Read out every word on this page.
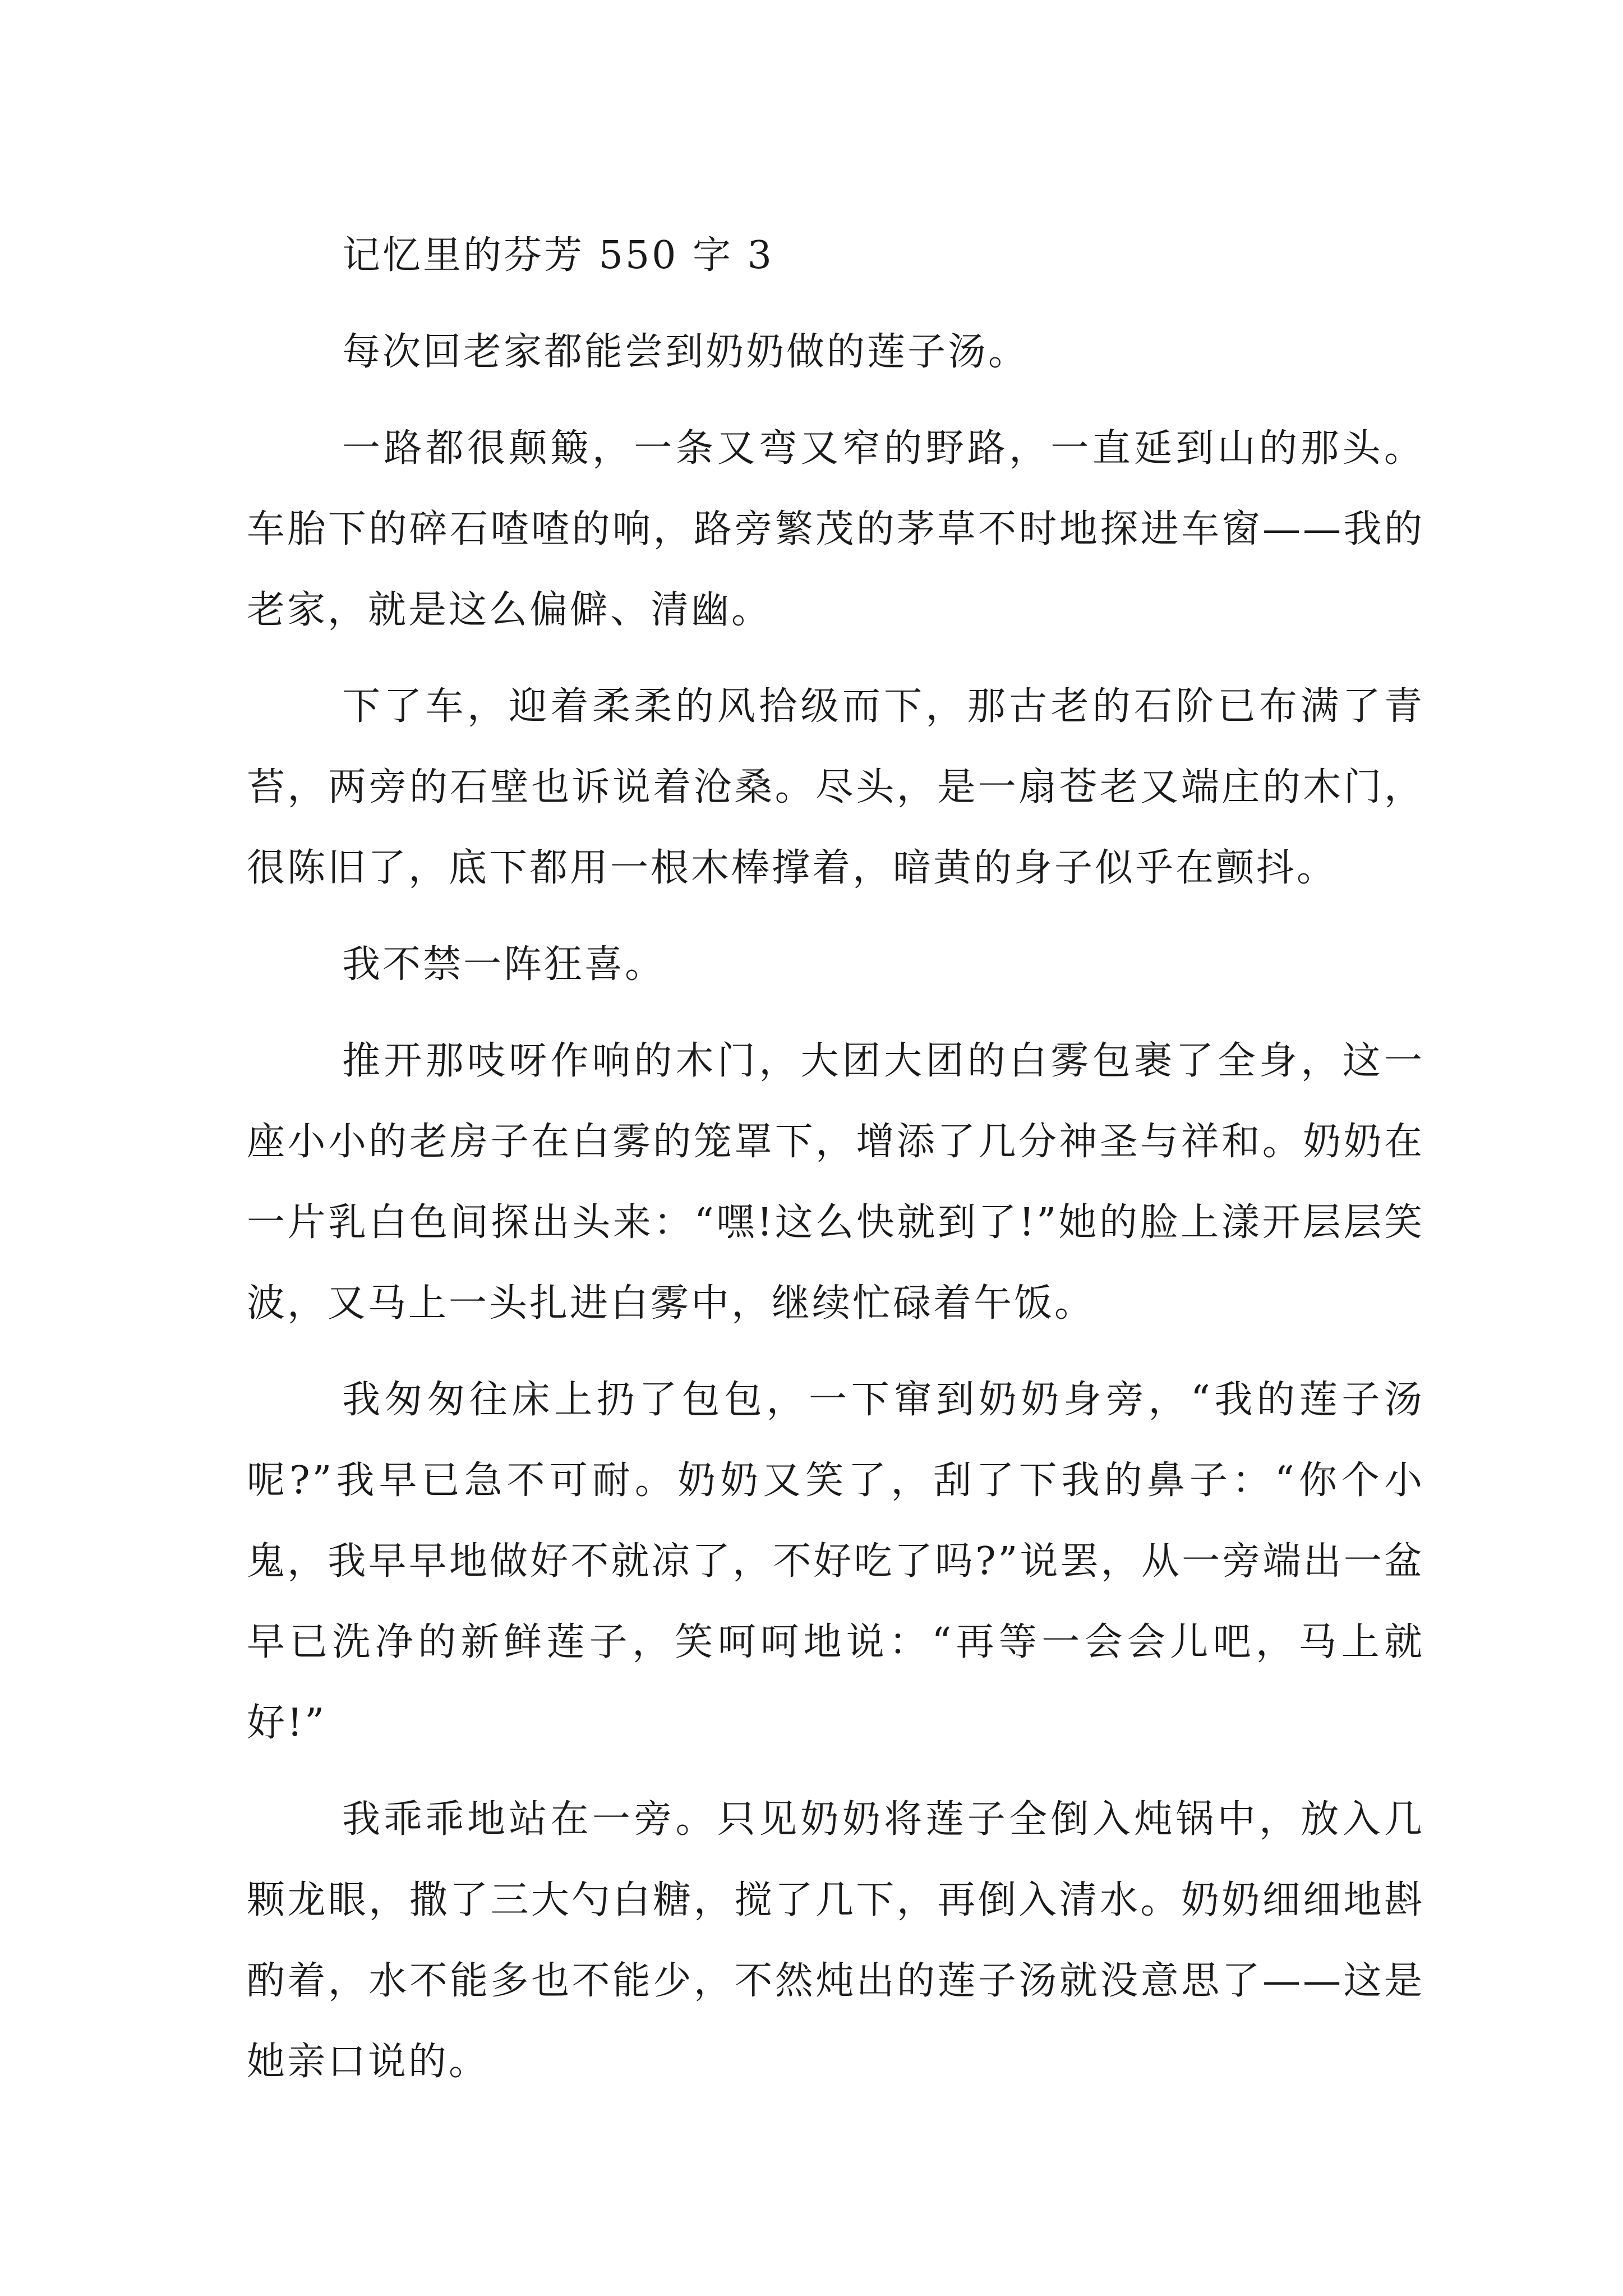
记忆里的芬芳 550 字 3

每次回老家都能尝到奶奶做的莲子汤。

一路都很颠簸，一条又弯又窄的野路，一直延到山的那头。车胎下的碎石喳喳的响，路旁繁茂的茅草不时地探进车窗——我的老家，就是这么偏僻、清幽。

下了车，迎着柔柔的风拾级而下，那古老的石阶已布满了青苔，两旁的石壁也诉说着沧桑。尽头，是一扇苍老又端庄的木门，很陈旧了，底下都用一根木棒撑着，暗黄的身子似乎在颤抖。

我不禁一阵狂喜。

推开那吱呀作响的木门，大团大团的白雾包裹了全身，这一座小小的老房子在白雾的笼罩下，增添了几分神圣与祥和。奶奶在一片乳白色间探出头来：“嘿!这么快就到了!”她的脸上漾开层层笑波，又马上一头扎进白雾中，继续忙碌着午饭。

我匆匆往床上扔了包包，一下窜到奶奶身旁，“我的莲子汤呢?”我早已急不可耐。奶奶又笑了，刮了下我的鼻子：“你个小鬼，我早早地做好不就凉了，不好吃了吗?”说罢，从一旁端出一盆早已洗净的新鲜莲子，笑呵呵地说：“再等一会会儿吧，马上就好!”

我乖乖地站在一旁。只见奶奶将莲子全倒入炖锅中，放入几颗龙眼，撒了三大勺白糖，搅了几下，再倒入清水。奶奶细细地斟酌着，水不能多也不能少，不然炖出的莲子汤就没意思了——这是她亲口说的。
